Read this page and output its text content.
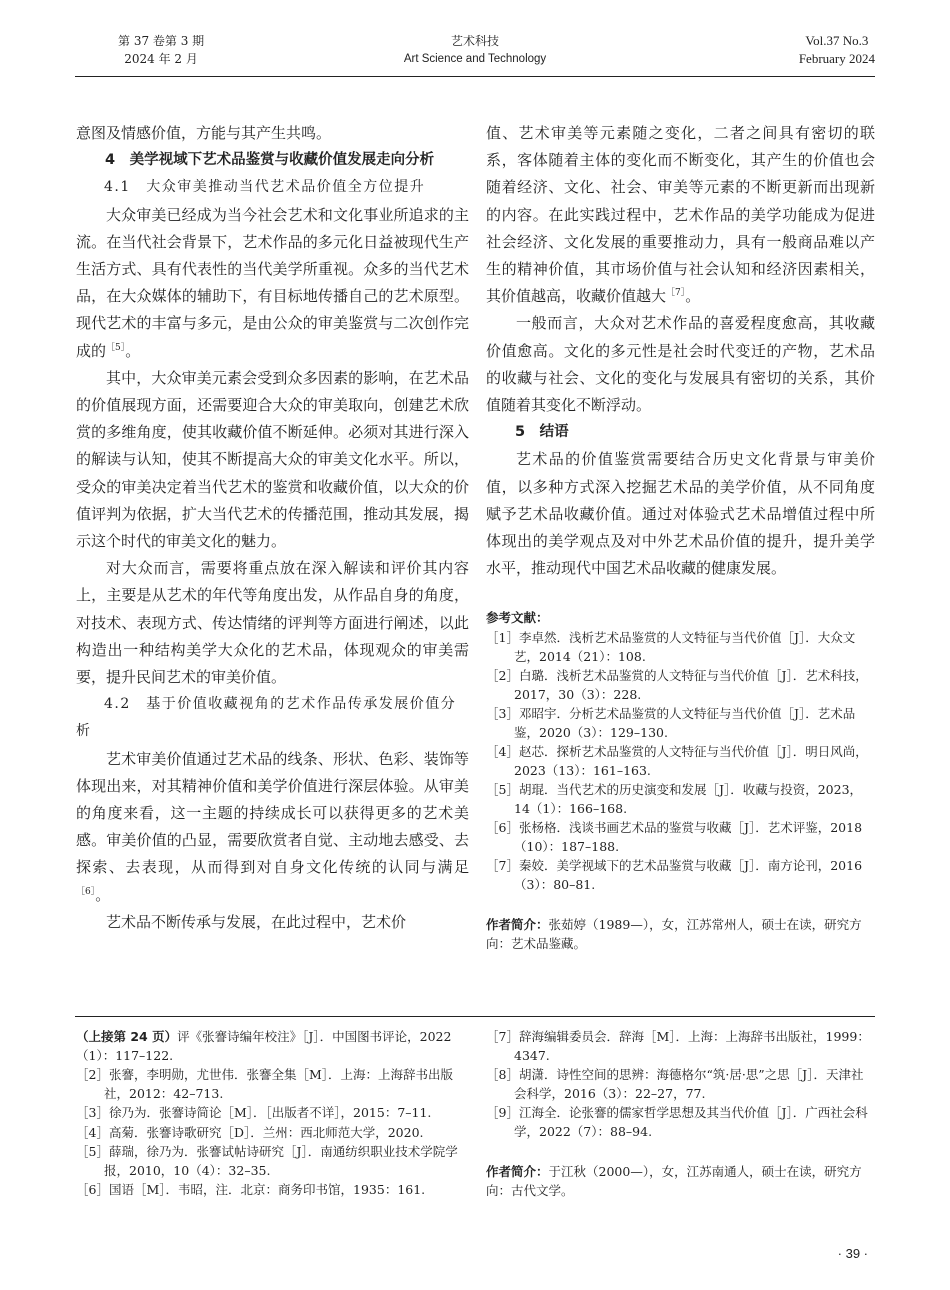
第 37 卷第 3 期
2024 年 2 月
艺术科技
Art Science and Technology
Vol.37 No.3
February 2024

意图及情感价值，方能与其产生共鸣。

4　美学视域下艺术品鉴赏与收藏价值发展走向分析

4.1　大众审美推动当代艺术品价值全方位提升

大众审美已经成为当今社会艺术和文化事业所追求的主流。在当代社会背景下，艺术作品的多元化日益被现代生产生活方式、具有代表性的当代美学所重视。众多的当代艺术品，在大众媒体的辅助下，有目标地传播自己的艺术原型。现代艺术的丰富与多元，是由公众的审美鉴赏与二次创作完成的$^{[5]}$。

其中，大众审美元素会受到众多因素的影响，在艺术品的价值展现方面，还需要迎合大众的审美取向，创建艺术欣赏的多维角度，使其收藏价值不断延伸。必须对其进行深入的解读与认知，使其不断提高大众的审美文化水平。所以，受众的审美决定着当代艺术的鉴赏和收藏价值，以大众的价值评判为依据，扩大当代艺术的传播范围，推动其发展，揭示这个时代的审美文化的魅力。

对大众而言，需要将重点放在深入解读和评价其内容上，主要是从艺术的年代等角度出发，从作品自身的角度，对技术、表现方式、传达情绪的评判等方面进行阐述，以此构造出一种结构美学大众化的艺术品，体现观众的审美需要，提升民间艺术的审美价值。

4.2　基于价值收藏视角的艺术作品传承发展价值分析

艺术审美价值通过艺术品的线条、形状、色彩、装饰等体现出来，对其精神价值和美学价值进行深层体验。从审美的角度来看，这一主题的持续成长可以获得更多的艺术美感。审美价值的凸显，需要欣赏者自觉、主动地去感受、去探索、去表现，从而得到对自身文化传统的认同与满足$^{[6]}$。

艺术品不断传承与发展，在此过程中，艺术价

值、艺术审美等元素随之变化，二者之间具有密切的联系，客体随着主体的变化而不断变化，其产生的价值也会随着经济、文化、社会、审美等元素的不断更新而出现新的内容。在此实践过程中，艺术作品的美学功能成为促进社会经济、文化发展的重要推动力，具有一般商品难以产生的精神价值，其市场价值与社会认知和经济因素相关，其价值越高，收藏价值越大$^{[7]}$。

一般而言，大众对艺术作品的喜爱程度愈高，其收藏价值愈高。文化的多元性是社会时代变迁的产物，艺术品的收藏与社会、文化的变化与发展具有密切的关系，其价值随着其变化不断浮动。

5　结语

艺术品的价值鉴赏需要结合历史文化背景与审美价值，以多种方式深入挖掘艺术品的美学价值，从不同角度赋予艺术品收藏价值。通过对体验式艺术品增值过程中所体现出的美学观点及对中外艺术品价值的提升，提升美学水平，推动现代中国艺术品收藏的健康发展。

参考文献：

［1］李卓然．浅析艺术品鉴赏的人文特征与当代价值［J］．大众文艺，2014（21）：108.

［2］白璐．浅析艺术品鉴赏的人文特征与当代价值［J］．艺术科技，2017，30（3）：228.

［3］邓昭宇．分析艺术品鉴赏的人文特征与当代价值［J］．艺术品鉴，2020（3）：129–130.

［4］赵芯．探析艺术品鉴赏的人文特征与当代价值［J］．明日风尚，2023（13）：161–163.

［5］胡琨．当代艺术的历史演变和发展［J］．收藏与投资，2023，14（1）：166–168.

［6］张杨格．浅谈书画艺术品的鉴赏与收藏［J］．艺术评鉴，2018（10）：187–188.

［7］秦姣．美学视域下的艺术品鉴赏与收藏［J］．南方论刊，2016（3）：80–81.

作者简介：张茹婷（1989—），女，江苏常州人，硕士在读，研究方向：艺术品鉴藏。

（上接第 24 页）评《张謇诗编年校注》［J］．中国图书评论，2022（1）：117–122.

［2］张謇，李明勋，尤世伟．张謇全集［M］．上海：上海辞书出版社，2012：42–713.

［3］徐乃为．张謇诗简论［M］．［出版者不详］，2015：7–11.

［4］高菊．张謇诗歌研究［D］．兰州：西北师范大学，2020.

［5］薛瑞，徐乃为．张謇试帖诗研究［J］．南通纺织职业技术学院学报，2010，10（4）：32–35.

［6］国语［M］．韦昭，注．北京：商务印书馆，1935：161.

［7］辞海编辑委员会．辞海［M］．上海：上海辞书出版社，1999：4347.

［8］胡潇．诗性空间的思辨：海德格尔“筑·居·思”之思［J］．天津社会科学，2016（3）：22–27，77.

［9］江海全．论张謇的儒家哲学思想及其当代价值［J］．广西社会科学，2022（7）：88–94.

作者简介：于江秋（2000—），女，江苏南通人，硕士在读，研究方向：古代文学。

· 39 ·
